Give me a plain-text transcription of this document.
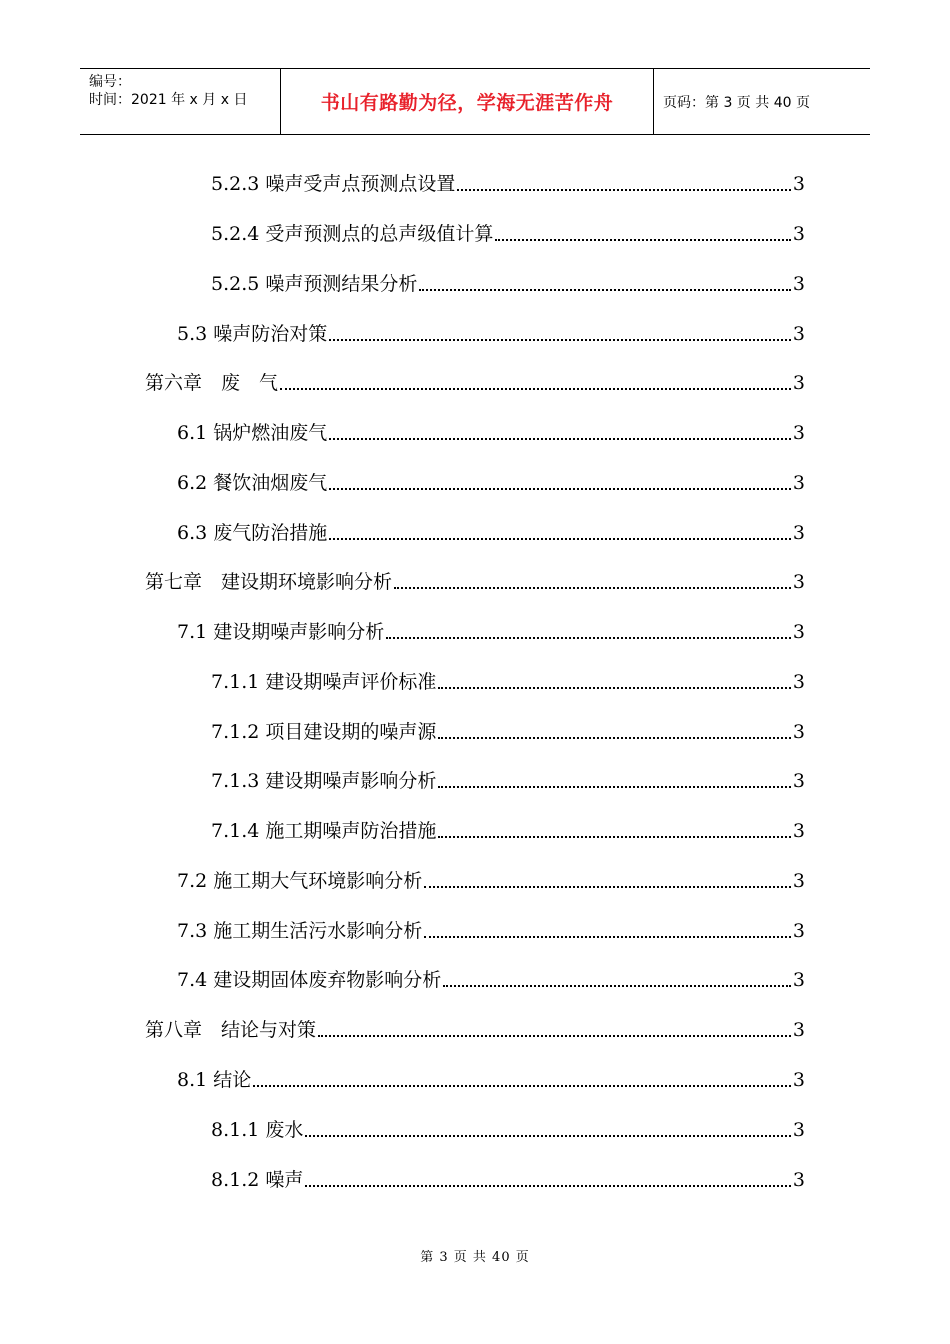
编号：
时间：2021 年 x 月 x 日	书山有路勤为径，学海无涯苦作舟	页码：第 3 页 共 40 页
5.2.3 噪声受声点预测点设置	3
5.2.4 受声预测点的总声级值计算	3
5.2.5 噪声预测结果分析	3
5.3 噪声防治对策	3
第六章　废　气	3
6.1 锅炉燃油废气	3
6.2 餐饮油烟废气	3
6.3 废气防治措施	3
第七章　建设期环境影响分析	3
7.1 建设期噪声影响分析	3
7.1.1 建设期噪声评价标准	3
7.1.2 项目建设期的噪声源	3
7.1.3 建设期噪声影响分析	3
7.1.4 施工期噪声防治措施	3
7.2 施工期大气环境影响分析	3
7.3 施工期生活污水影响分析	3
7.4 建设期固体废弃物影响分析	3
第八章　结论与对策	3
8.1 结论	3
8.1.1 废水	3
8.1.2 噪声	3
第 3 页 共 40 页
